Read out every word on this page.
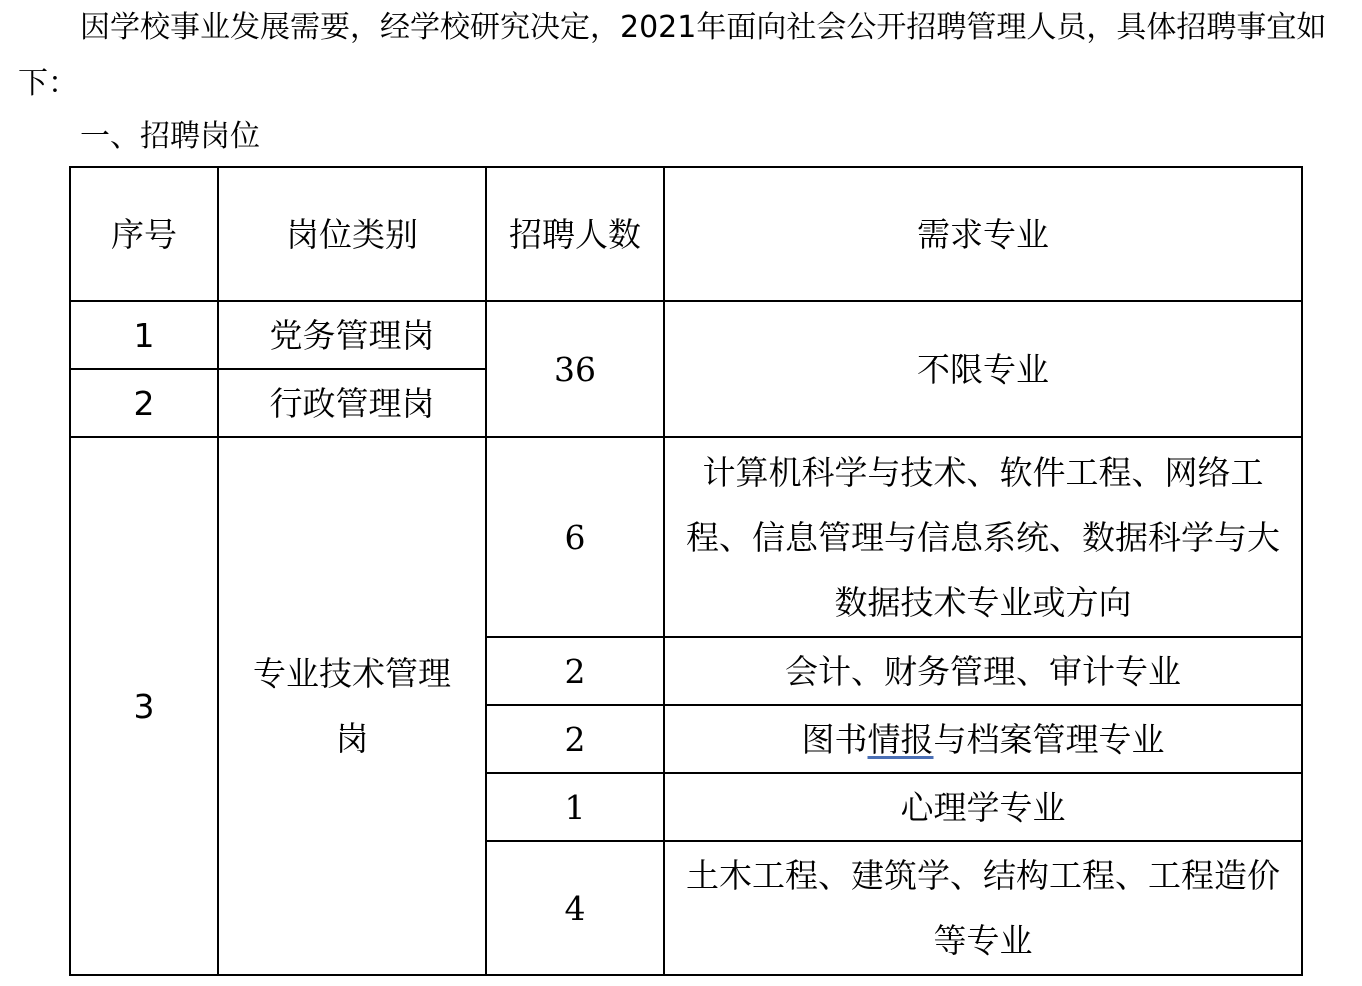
因学校事业发展需要，经学校研究决定，2021年面向社会公开招聘管理人员，具体招聘事宜如下：

一、招聘岗位

序号	岗位类别	招聘人数	需求专业
1	党务管理岗	36	不限专业
2	行政管理岗		
3	专业技术管理岗	6	计算机科学与技术、软件工程、网络工程、信息管理与信息系统、数据科学与大数据技术专业或方向
		2	会计、财务管理、审计专业
		2	图书情报与档案管理专业
		1	心理学专业
		4	土木工程、建筑学、结构工程、工程造价等专业
